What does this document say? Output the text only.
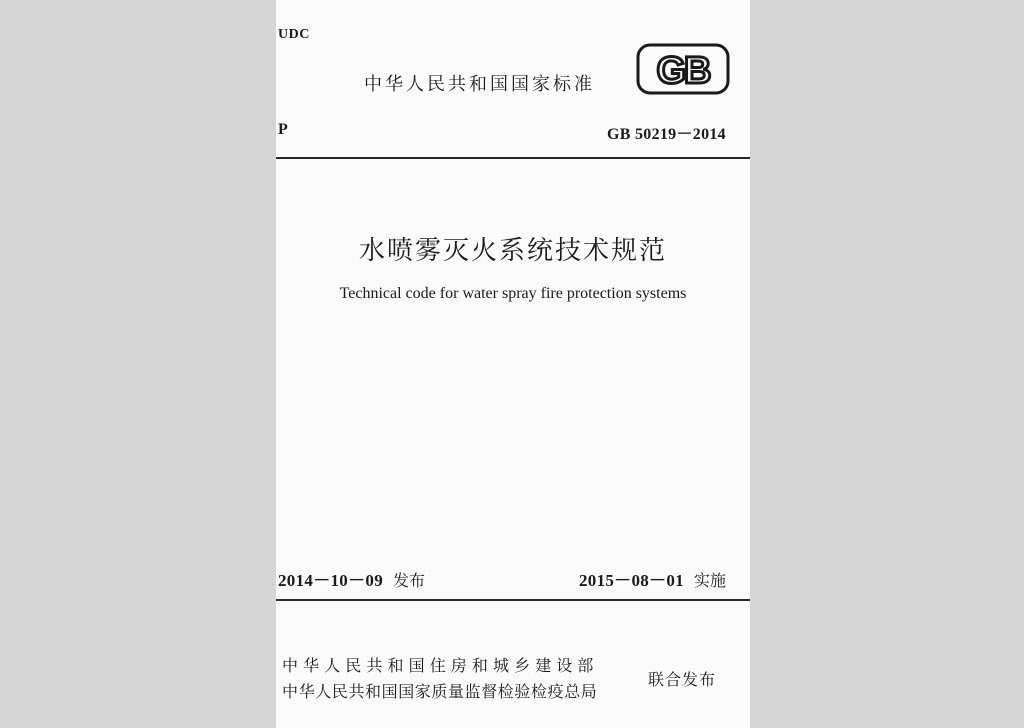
UDC
中华人民共和国国家标准 GB
P	GB 50219－2014
水喷雾灭火系统技术规范
Technical code for water spray fire protection systems
2014－10－09 发布	2015－08－01 实施
中华人民共和国住房和城乡建设部
中华人民共和国国家质量监督检验检疫总局
联合发布
